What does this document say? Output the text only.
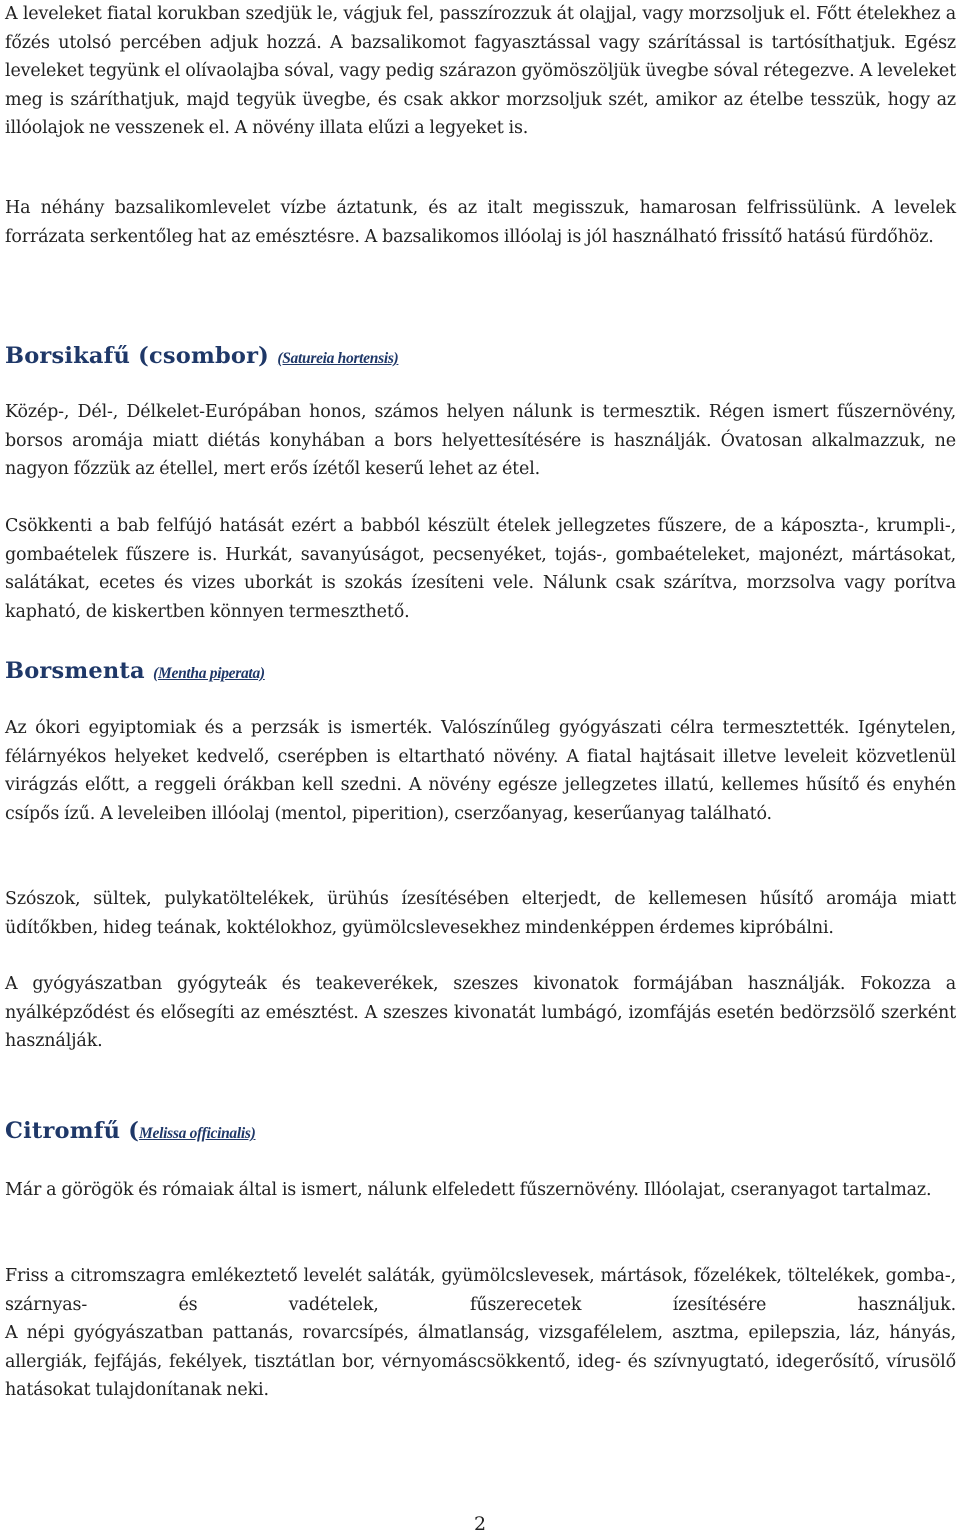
A leveleket fiatal korukban szedjük le, vágjuk fel, passzírozzuk át olajjal, vagy morzsoljuk el. Főtt ételekhez a főzés utolsó percében adjuk hozzá. A bazsalikomot fagyasztással vagy szárítással is tartósíthatjuk. Egész leveleket tegyünk el olívaolajba sóval, vagy pedig szárazon gyömöszöljük üvegbe sóval rétegezve. A leveleket meg is száríthatjuk, majd tegyük üvegbe, és csak akkor morzsoljuk szét, amikor az ételbe tesszük, hogy az illóolajok ne vesszenek el. A növény illata elűzi a legyeket is.

Ha néhány bazsalikomlevelet vízbe áztatunk, és az italt megisszuk, hamarosan felfrissülünk. A levelek forrázata serkentőleg hat az emésztésre. A bazsalikomos illóolaj is jól használható frissítő hatású fürdőhöz.

Borsikafű (csombor) (Satureia hortensis)

Közép-, Dél-, Délkelet-Európában honos, számos helyen nálunk is termesztik. Régen ismert fűszernövény, borsos aromája miatt diétás konyhában a bors helyettesítésére is használják. Óvatosan alkalmazzuk, ne nagyon főzzük az étellel, mert erős ízétől keserű lehet az étel.

Csökkenti a bab felfújó hatását ezért a babból készült ételek jellegzetes fűszere, de a káposzta-, krumpli-, gombaételek fűszere is. Hurkát, savanyúságot, pecsenyéket, tojás-, gombaételeket, majonézt, mártásokat, salátákat, ecetes és vizes uborkát is szokás ízesíteni vele. Nálunk csak szárítva, morzsolva vagy porítva kapható, de kiskertben könnyen termeszthető.

Borsmenta (Mentha piperata)

Az ókori egyiptomiak és a perzsák is ismerték. Valószínűleg gyógyászati célra termesztették. Igénytelen, félárnyékos helyeket kedvelő, cserépben is eltartható növény. A fiatal hajtásait illetve leveleit közvetlenül virágzás előtt, a reggeli órákban kell szedni. A növény egésze jellegzetes illatú, kellemes hűsítő és enyhén csípős ízű. A leveleiben illóolaj (mentol, piperition), cserzőanyag, keserűanyag található.

Szószok, sültek, pulykatöltelékek, ürühús ízesítésében elterjedt, de kellemesen hűsítő aromája miatt üdítőkben, hideg teának, koktélokhoz, gyümölcslevesekhez mindenképpen érdemes kipróbálni.

A gyógyászatban gyógyteák és teakeverékek, szeszes kivonatok formájában használják. Fokozza a nyálképződést és elősegíti az emésztést. A szeszes kivonatát lumbágó, izomfájás esetén bedörzsölő szerként használják.

Citromfű (Melissa officinalis)

Már a görögök és rómaiak által is ismert, nálunk elfeledett fűszernövény. Illóolajat, cseranyagot tartalmaz.

Friss a citromszagra emlékeztető levelét saláták, gyümölcslevesek, mártások, főzelékek, töltelékek, gomba-, szárnyas- és vadételek, fűszerecetek ízesítésére használjuk.

A népi gyógyászatban pattanás, rovarcsípés, álmatlanság, vizsgafélelem, asztma, epilepszia, láz, hányás, allergiák, fejfájás, fekélyek, tisztátlan bor, vérnyomáscsökkentő, ideg- és szívnyugtató, idegerősítő, vírusölő hatásokat tulajdonítanak neki.

2
